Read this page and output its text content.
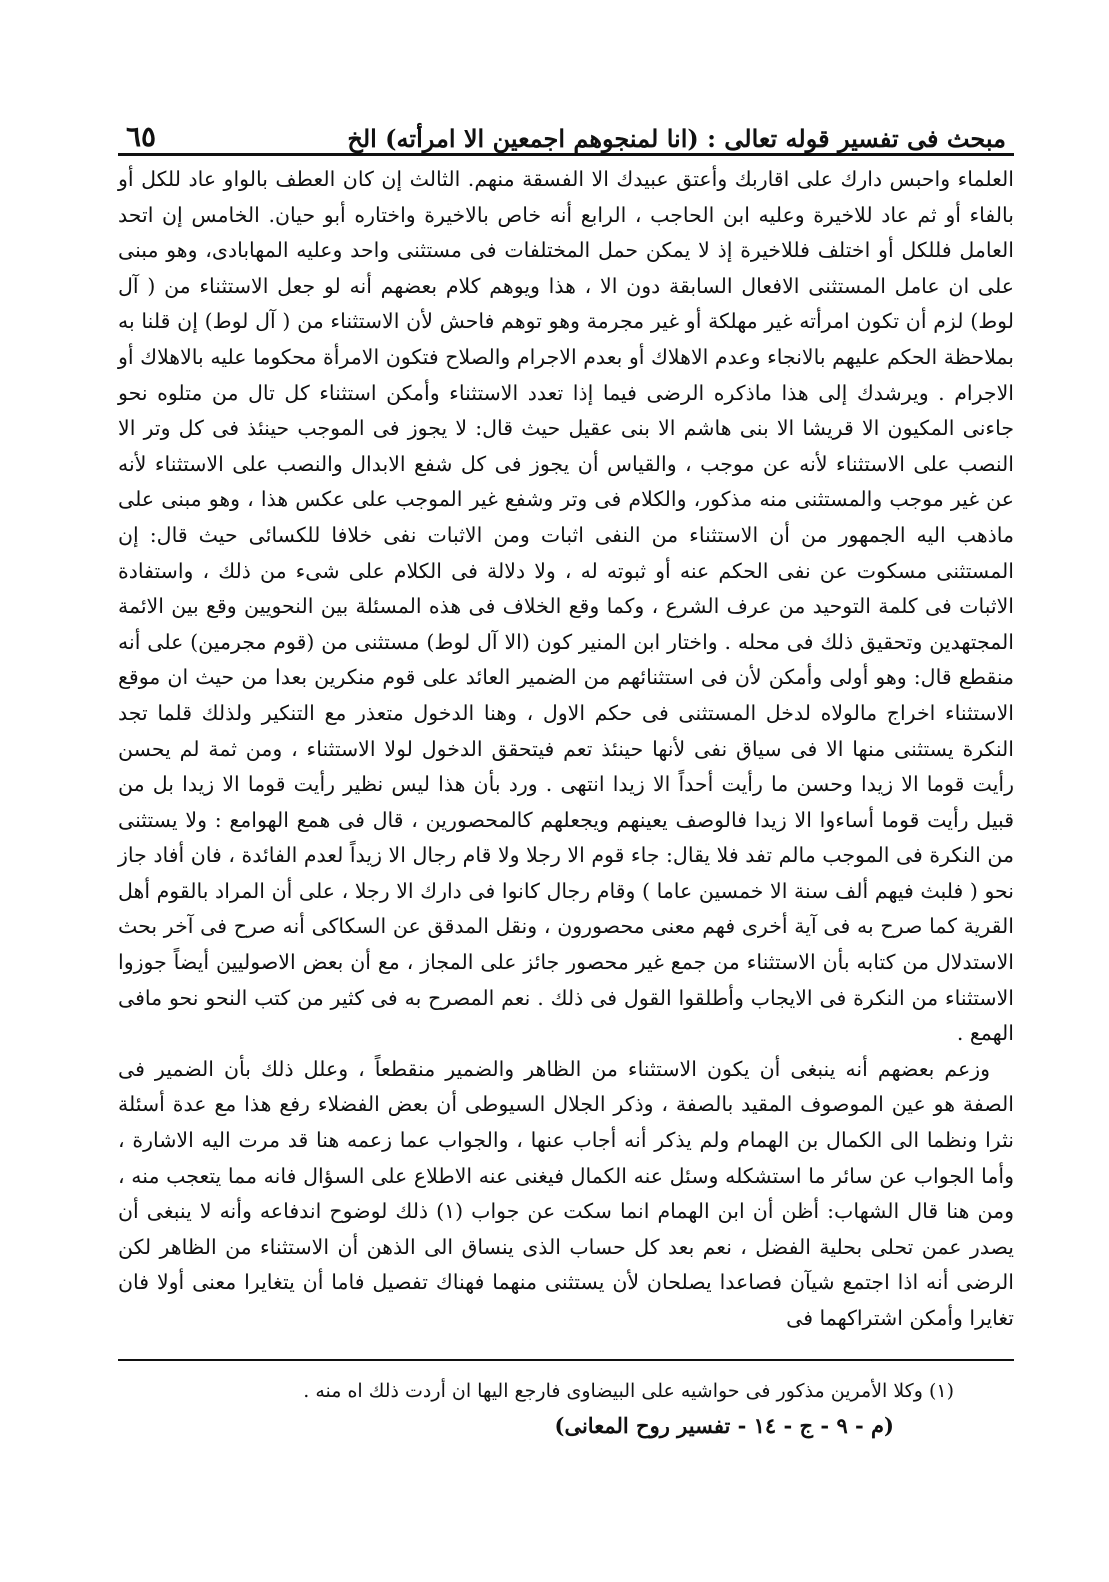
مبحث فى تفسير قوله تعالى : (انا لمنجوهم اجمعين الا امرأته) الخ
٦٥

العلماء واحبس دارك على اقاربك وأعتق عبيدك الا الفسقة منهم. الثالث إن كان العطف بالواو عاد للكل أو بالفاء أو ثم عاد للاخيرة وعليه ابن الحاجب ، الرابع أنه خاص بالاخيرة واختاره أبو حيان. الخامس إن اتحد العامل فللكل أو اختلف فللاخيرة إذ لا يمكن حمل المختلفات فى مستثنى واحد وعليه المهابادى، وهو مبنى على ان عامل المستثنى الافعال السابقة دون الا ، هذا ويوهم كلام بعضهم أنه لو جعل الاستثناء من ( آل لوط) لزم أن تكون امرأته غير مهلكة أو غير مجرمة وهو توهم فاحش لأن الاستثناء من ( آل لوط) إن قلنا به بملاحظة الحكم عليهم بالانجاء وعدم الاهلاك أو بعدم الاجرام والصلاح فتكون الامرأة محكوما عليه بالاهلاك أو الاجرام . ويرشدك إلى هذا ماذكره الرضى فيما إذا تعدد الاستثناء وأمكن استثناء كل تال من متلوه نحو جاءنى المكيون الا قريشا الا بنى هاشم الا بنى عقيل حيث قال: لا يجوز فى الموجب حينئذ فى كل وتر الا النصب على الاستثناء لأنه عن موجب ، والقياس أن يجوز فى كل شفع الابدال والنصب على الاستثناء لأنه عن غير موجب والمستثنى منه مذكور، والكلام فى وتر وشفع غير الموجب على عكس هذا ، وهو مبنى على ماذهب اليه الجمهور من أن الاستثناء من النفى اثبات ومن الاثبات نفى خلافا للكسائى حيث قال: إن المستثنى مسكوت عن نفى الحكم عنه أو ثبوته له ، ولا دلالة فى الكلام على شىء من ذلك ، واستفادة الاثبات فى كلمة التوحيد من عرف الشرع ، وكما وقع الخلاف فى هذه المسئلة بين النحويين وقع بين الائمة المجتهدين وتحقيق ذلك فى محله . واختار ابن المنير كون (الا آل لوط) مستثنى من (قوم مجرمين) على أنه منقطع قال: وهو أولى وأمكن لأن فى استثنائهم من الضمير العائد على قوم منكرين بعدا من حيث ان موقع الاستثناء اخراج مالولاه لدخل المستثنى فى حكم الاول ، وهنا الدخول متعذر مع التنكير ولذلك قلما تجد النكرة يستثنى منها الا فى سياق نفى لأنها حينئذ تعم فيتحقق الدخول لولا الاستثناء ، ومن ثمة لم يحسن رأيت قوما الا زيدا وحسن ما رأيت أحداً الا زيدا انتهى . ورد بأن هذا ليس نظير رأيت قوما الا زيدا بل من قبيل رأيت قوما أساءوا الا زيدا فالوصف يعينهم ويجعلهم كالمحصورين ، قال فى همع الهوامع : ولا يستثنى من النكرة فى الموجب مالم تفد فلا يقال: جاء قوم الا رجلا ولا قام رجال الا زيداً لعدم الفائدة ، فان أفاد جاز نحو ( فلبث فيهم ألف سنة الا خمسين عاما ) وقام رجال كانوا فى دارك الا رجلا ، على أن المراد بالقوم أهل القرية كما صرح به فى آية أخرى فهم معنى محصورون ، ونقل المدقق عن السكاكى أنه صرح فى آخر بحث الاستدلال من كتابه بأن الاستثناء من جمع غير محصور جائز على المجاز ، مع أن بعض الاصوليين أيضاً جوزوا الاستثناء من النكرة فى الايجاب وأطلقوا القول فى ذلك . نعم المصرح به فى كثير من كتب النحو نحو مافى الهمع .

وزعم بعضهم أنه ينبغى أن يكون الاستثناء من الظاهر والضمير منقطعاً ، وعلل ذلك بأن الضمير فى الصفة هو عين الموصوف المقيد بالصفة ، وذكر الجلال السيوطى أن بعض الفضلاء رفع هذا مع عدة أسئلة نثرا ونظما الى الكمال بن الهمام ولم يذكر أنه أجاب عنها ، والجواب عما زعمه هنا قد مرت اليه الاشارة ، وأما الجواب عن سائر ما استشكله وسئل عنه الكمال فيغنى عنه الاطلاع على السؤال فانه مما يتعجب منه ، ومن هنا قال الشهاب: أظن أن ابن الهمام انما سكت عن جواب (١) ذلك لوضوح اندفاعه وأنه لا ينبغى أن يصدر عمن تحلى بحلية الفضل ، نعم بعد كل حساب الذى ينساق الى الذهن أن الاستثناء من الظاهر لكن الرضى أنه اذا اجتمع شيآن فصاعدا يصلحان لأن يستثنى منهما فهناك تفصيل فاما أن يتغايرا معنى أولا فان تغايرا وأمكن اشتراكهما فى

(١) وكلا الأمرين مذكور فى حواشيه على البيضاوى فارجع اليها ان أردت ذلك اه منه .
(م - ٩ - ج - ١٤ - تفسير روح المعانى)
